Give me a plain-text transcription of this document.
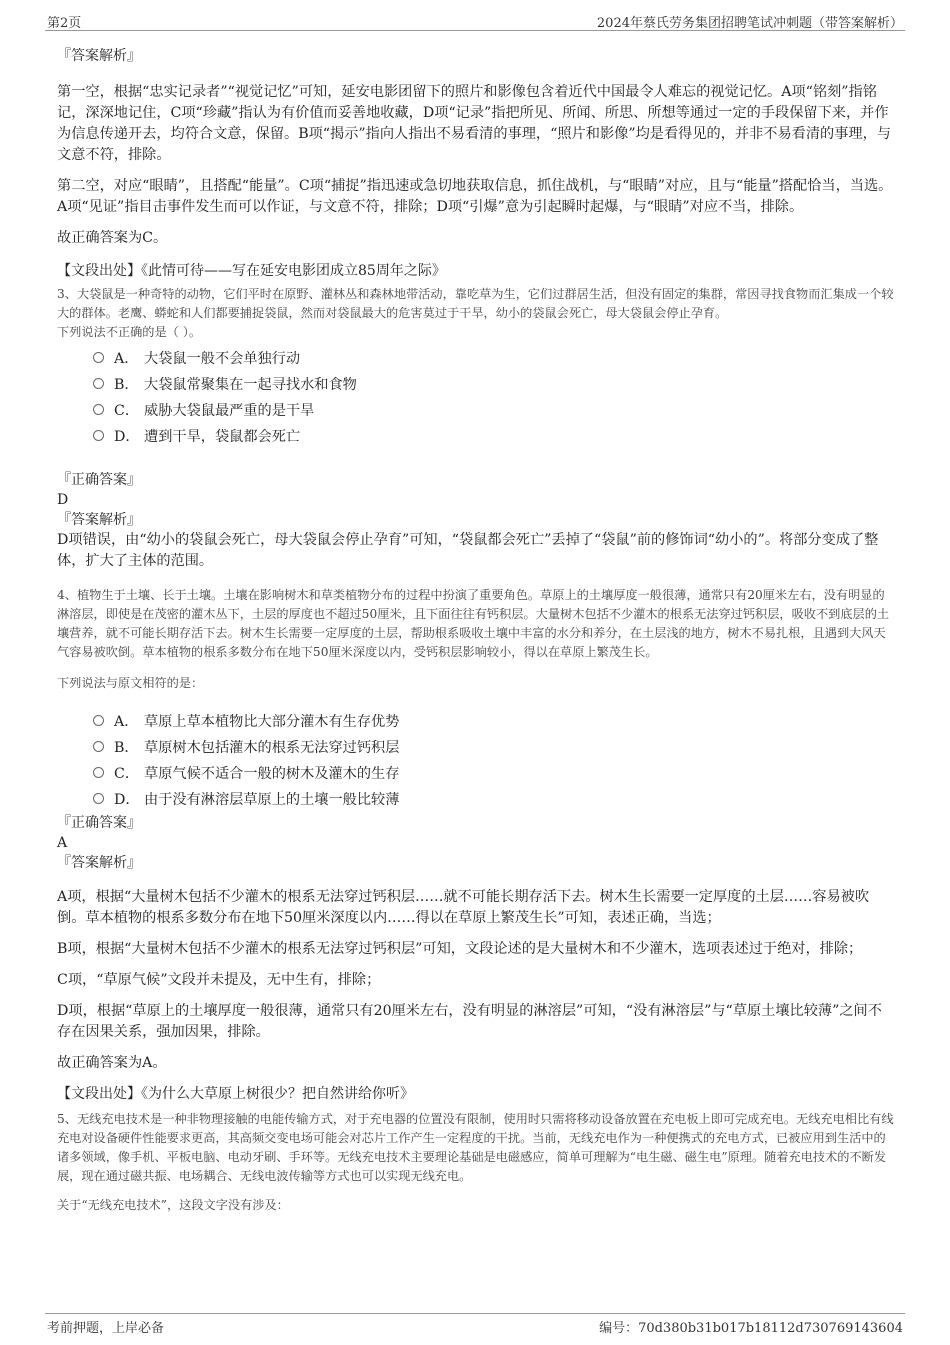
第2页	2024年蔡氏劳务集团招聘笔试冲刺题（带答案解析）

『答案解析』

第一空，根据“忠实记录者”“视觉记忆”可知，延安电影团留下的照片和影像包含着近代中国最令人难忘的视觉记忆。A项“铭刻”指铭记，深深地记住，C项“珍藏”指认为有价值而妥善地收藏，D项“记录”指把所见、所闻、所思、所想等通过一定的手段保留下来，并作为信息传递开去，均符合文意，保留。B项“揭示”指向人指出不易看清的事理，“照片和影像”均是看得见的，并非不易看清的事理，与文意不符，排除。

第二空，对应“眼睛”，且搭配“能量”。C项“捕捉”指迅速或急切地获取信息，抓住战机，与“眼睛”对应，且与“能量”搭配恰当，当选。A项“见证”指目击事件发生而可以作证，与文意不符，排除；D项“引爆”意为引起瞬时起爆，与“眼睛”对应不当，排除。

故正确答案为C。

【文段出处】《此情可待——写在延安电影团成立85周年之际》

3、大袋鼠是一种奇特的动物，它们平时在原野、灌林丛和森林地带活动，靠吃草为生，它们过群居生活，但没有固定的集群，常因寻找食物而汇集成一个较大的群体。老鹰、蟒蛇和人们都要捕捉袋鼠，然而对袋鼠最大的危害莫过于干旱，幼小的袋鼠会死亡，母大袋鼠会停止孕育。

下列说法不正确的是（ ）。

A． 大袋鼠一般不会单独行动
B． 大袋鼠常聚集在一起寻找水和食物
C． 威胁大袋鼠最严重的是干旱
D． 遭到干旱，袋鼠都会死亡

『正确答案』

D

『答案解析』

D项错误，由“幼小的袋鼠会死亡，母大袋鼠会停止孕育”可知，“袋鼠都会死亡”丢掉了“袋鼠”前的修饰词“幼小的”。将部分变成了整体，扩大了主体的范围。

4、植物生于土壤、长于土壤。土壤在影响树木和草类植物分布的过程中扮演了重要角色。草原上的土壤厚度一般很薄，通常只有20厘米左右，没有明显的淋溶层，即使是在茂密的灌木丛下，土层的厚度也不超过50厘米，且下面往往有钙积层。大量树木包括不少灌木的根系无法穿过钙积层，吸收不到底层的土壤营养，就不可能长期存活下去。树木生长需要一定厚度的土层，帮助根系吸收土壤中丰富的水分和养分，在土层浅的地方，树木不易扎根，且遇到大风天气容易被吹倒。草本植物的根系多数分布在地下50厘米深度以内，受钙积层影响较小，得以在草原上繁茂生长。

下列说法与原文相符的是：

A． 草原上草本植物比大部分灌木有生存优势
B． 草原树木包括灌木的根系无法穿过钙积层
C． 草原气候不适合一般的树木及灌木的生存
D． 由于没有淋溶层草原上的土壤一般比较薄

『正确答案』

A

『答案解析』

A项，根据“大量树木包括不少灌木的根系无法穿过钙积层……就不可能长期存活下去。树木生长需要一定厚度的土层……容易被吹倒。草本植物的根系多数分布在地下50厘米深度以内……得以在草原上繁茂生长”可知，表述正确，当选；

B项，根据“大量树木包括不少灌木的根系无法穿过钙积层”可知，文段论述的是大量树木和不少灌木，选项表述过于绝对，排除；

C项，“草原气候”文段并未提及，无中生有，排除；

D项，根据“草原上的土壤厚度一般很薄，通常只有20厘米左右，没有明显的淋溶层”可知，“没有淋溶层”与“草原土壤比较薄”之间不存在因果关系，强加因果，排除。

故正确答案为A。

【文段出处】《为什么大草原上树很少？把自然讲给你听》

5、无线充电技术是一种非物理接触的电能传输方式，对于充电器的位置没有限制，使用时只需将移动设备放置在充电板上即可完成充电。无线充电相比有线充电对设备硬件性能要求更高，其高频交变电场可能会对芯片工作产生一定程度的干扰。当前，无线充电作为一种便携式的充电方式，已被应用到生活中的诸多领域，像手机、平板电脑、电动牙刷、手环等。无线充电技术主要理论基础是电磁感应，简单可理解为“电生磁、磁生电”原理。随着充电技术的不断发展，现在通过磁共振、电场耦合、无线电波传输等方式也可以实现无线充电。

关于“无线充电技术”，这段文字没有涉及：

考前押题，上岸必备	编号：70d380b31b017b18112d730769143604
